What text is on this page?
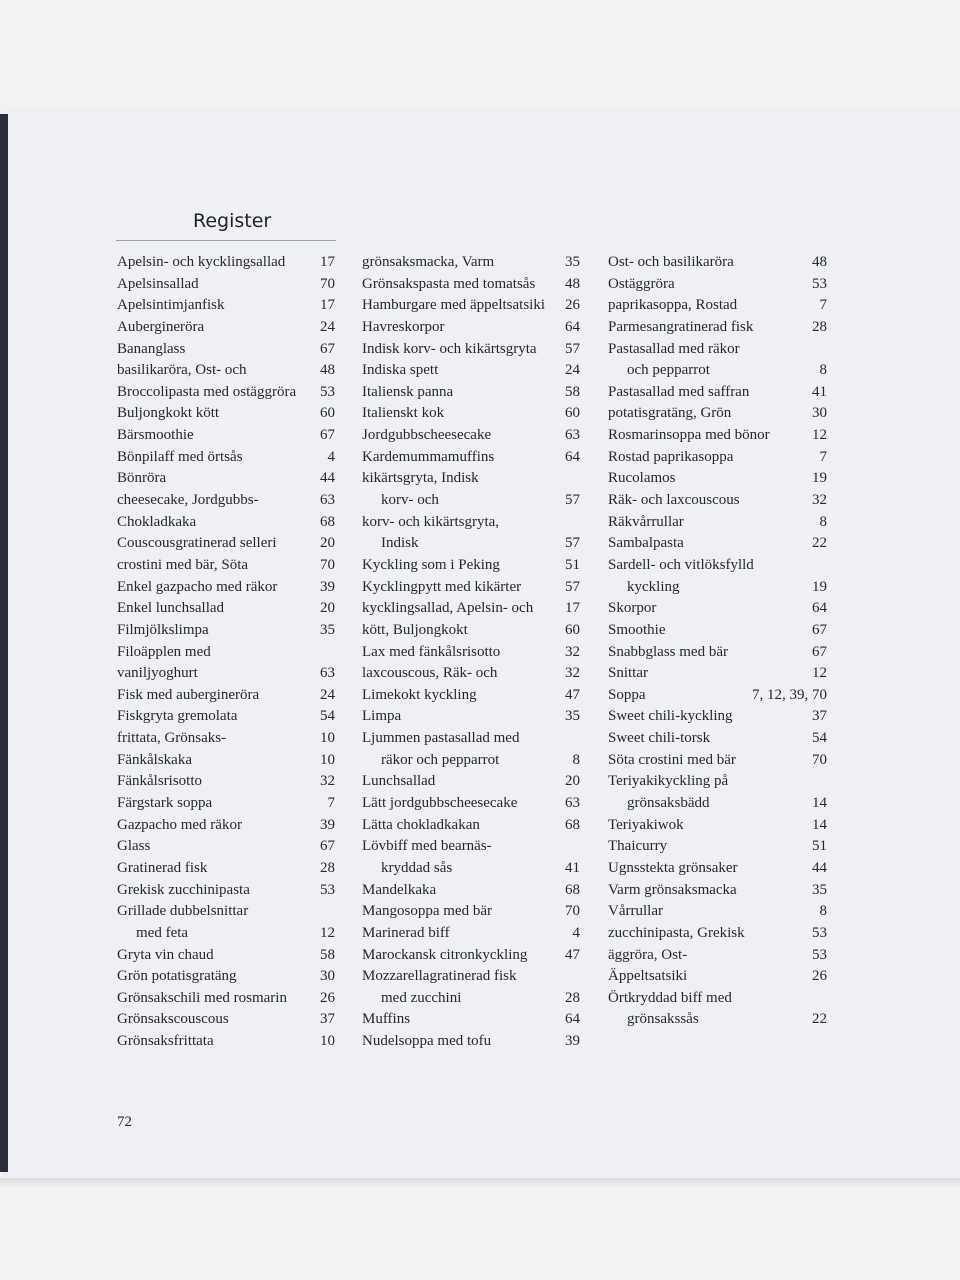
Register
Apelsin- och kycklingsallad 17
Apelsinsallad	70
Apelsintimjanfisk	17
Aubergineröra	24
Bananglass	67
basilikaröra, Ost- och	48
Broccolipasta med ostäggröra 53
Buljongkokt kött	60
Bärsmoothie	67
Bönpilaff med örtsås	4
Bönröra	44
cheesecake, Jordgubbs-	63
Chokladkaka	68
Couscousgratinerad selleri	20
crostini med bär, Söta	70
Enkel gazpacho med räkor	39
Enkel lunchsallad	20
Filmjölkslimpa	35
Filoäpplen med
vaniljyoghurt	63
Fisk med aubergineröra	24
Fiskgryta gremolata	54
frittata, Grönsaks-	10
Fänkålskaka	10
Fänkålsrisotto	32
Färgstark soppa	7
Gazpacho med räkor	39
Glass	67
Gratinerad fisk	28
Grekisk zucchinipasta	53
Grillade dubbelsnittar
med feta	12
Gryta vin chaud	58
Grön potatisgratäng	30
Grönsakschili med rosmarin 26
Grönsakscouscous	37
Grönsaksfrittata	10
grönsaksmacka, Varm	35
Grönsakspasta med tomatsås 48
Hamburgare med äppeltsatsiki 26
Havreskorpor	64
Indisk korv- och kikärtsgryta 57
Indiska spett	24
Italiensk panna	58
Italienskt kok	60
Jordgubbscheesecake	63
Kardemummamuffins	64
kikärtsgryta, Indisk
korv- och	57
korv- och kikärtsgryta,
Indisk	57
Kyckling som i Peking	51
Kycklingpytt med kikärter	57
kycklingsallad, Apelsin- och 17
kött, Buljongkokt	60
Lax med fänkålsrisotto	32
laxcouscous, Räk- och	32
Limekokt kyckling	47
Limpa	35
Ljummen pastasallad med
räkor och pepparrot	8
Lunchsallad	20
Lätt jordgubbscheesecake	63
Lätta chokladkakan	68
Lövbiff med bearnäs-
kryddad sås	41
Mandelkaka	68
Mangosoppa med bär	70
Marinerad biff	4
Marockansk citronkyckling	47
Mozzarellagratinerad fisk
med zucchini	28
Muffins	64
Nudelsoppa med tofu	39
Ost- och basilikaröra	48
Ostäggröra	53
paprikasoppa, Rostad	7
Parmesangratinerad fisk	28
Pastasallad med räkor
och pepparrot	8
Pastasallad med saffran	41
potatisgratäng, Grön	30
Rosmarinsoppa med bönor	12
Rostad paprikasoppa	7
Rucolamos	19
Räk- och laxcouscous	32
Räkvårrullar	8
Sambalpasta	22
Sardell- och vitlöksfylld
kyckling	19
Skorpor	64
Smoothie	67
Snabbglass med bär	67
Snittar	12
Soppa	7, 12, 39, 70
Sweet chili-kyckling	37
Sweet chili-torsk	54
Söta crostini med bär	70
Teriyakikyckling på
grönsaksbädd	14
Teriyakiwok	14
Thaicurry	51
Ugnsstekta grönsaker	44
Varm grönsaksmacka	35
Vårrullar	8
zucchinipasta, Grekisk	53
äggröra, Ost-	53
Äppeltsatsiki	26
Örtkryddad biff med
grönsakssås	22
72
